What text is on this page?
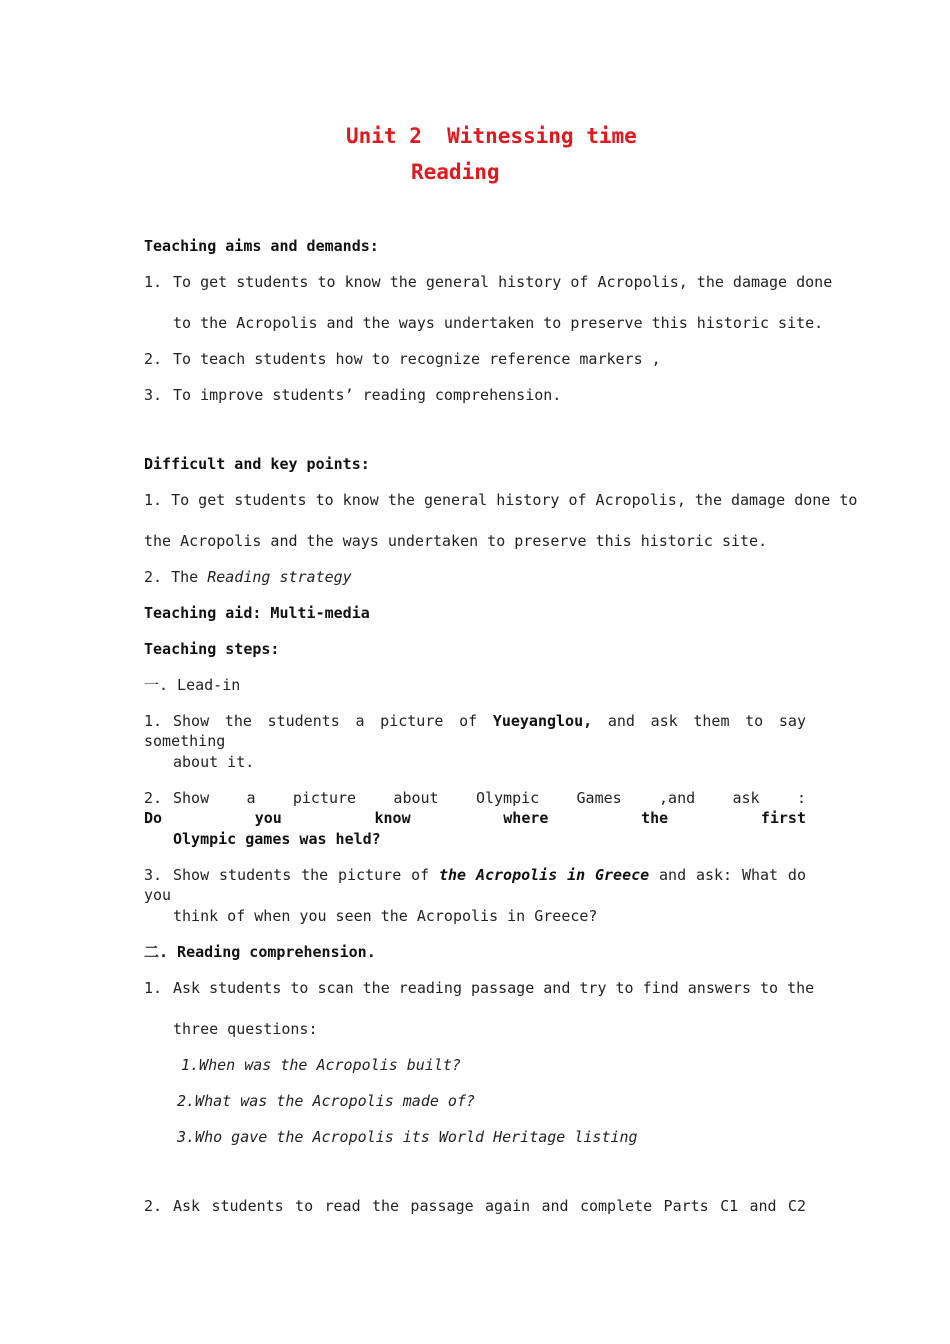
Unit 2  Witnessing time
Reading
Teaching aims and demands:
1. To get students to know the general history of Acropolis, the damage done
to the Acropolis and the ways undertaken to preserve this historic site.
2. To teach students how to recognize reference markers ,
3. To improve students’ reading comprehension.
Difficult and key points:
1. To get students to know the general history of Acropolis, the damage done to
the Acropolis and the ways undertaken to preserve this historic site.
2. The Reading strategy
Teaching aid: Multi-media
Teaching steps:
一. Lead-in
1. Show the students a picture of Yueyanglou, and ask them to say something
about it.
2. Show a picture about Olympic Games ,and ask : Do you know where the first
Olympic games was held?
3. Show students the picture of the Acropolis in Greece and ask: What do you
think of when you seen the Acropolis in Greece?
二. Reading comprehension.
1. Ask students to scan the reading passage and try to find answers to the
three questions:
1.When was the Acropolis built?
2.What was the Acropolis made of?
3.Who gave the Acropolis its World Heritage listing
2. Ask students to read the passage again and complete Parts C1 and C2
